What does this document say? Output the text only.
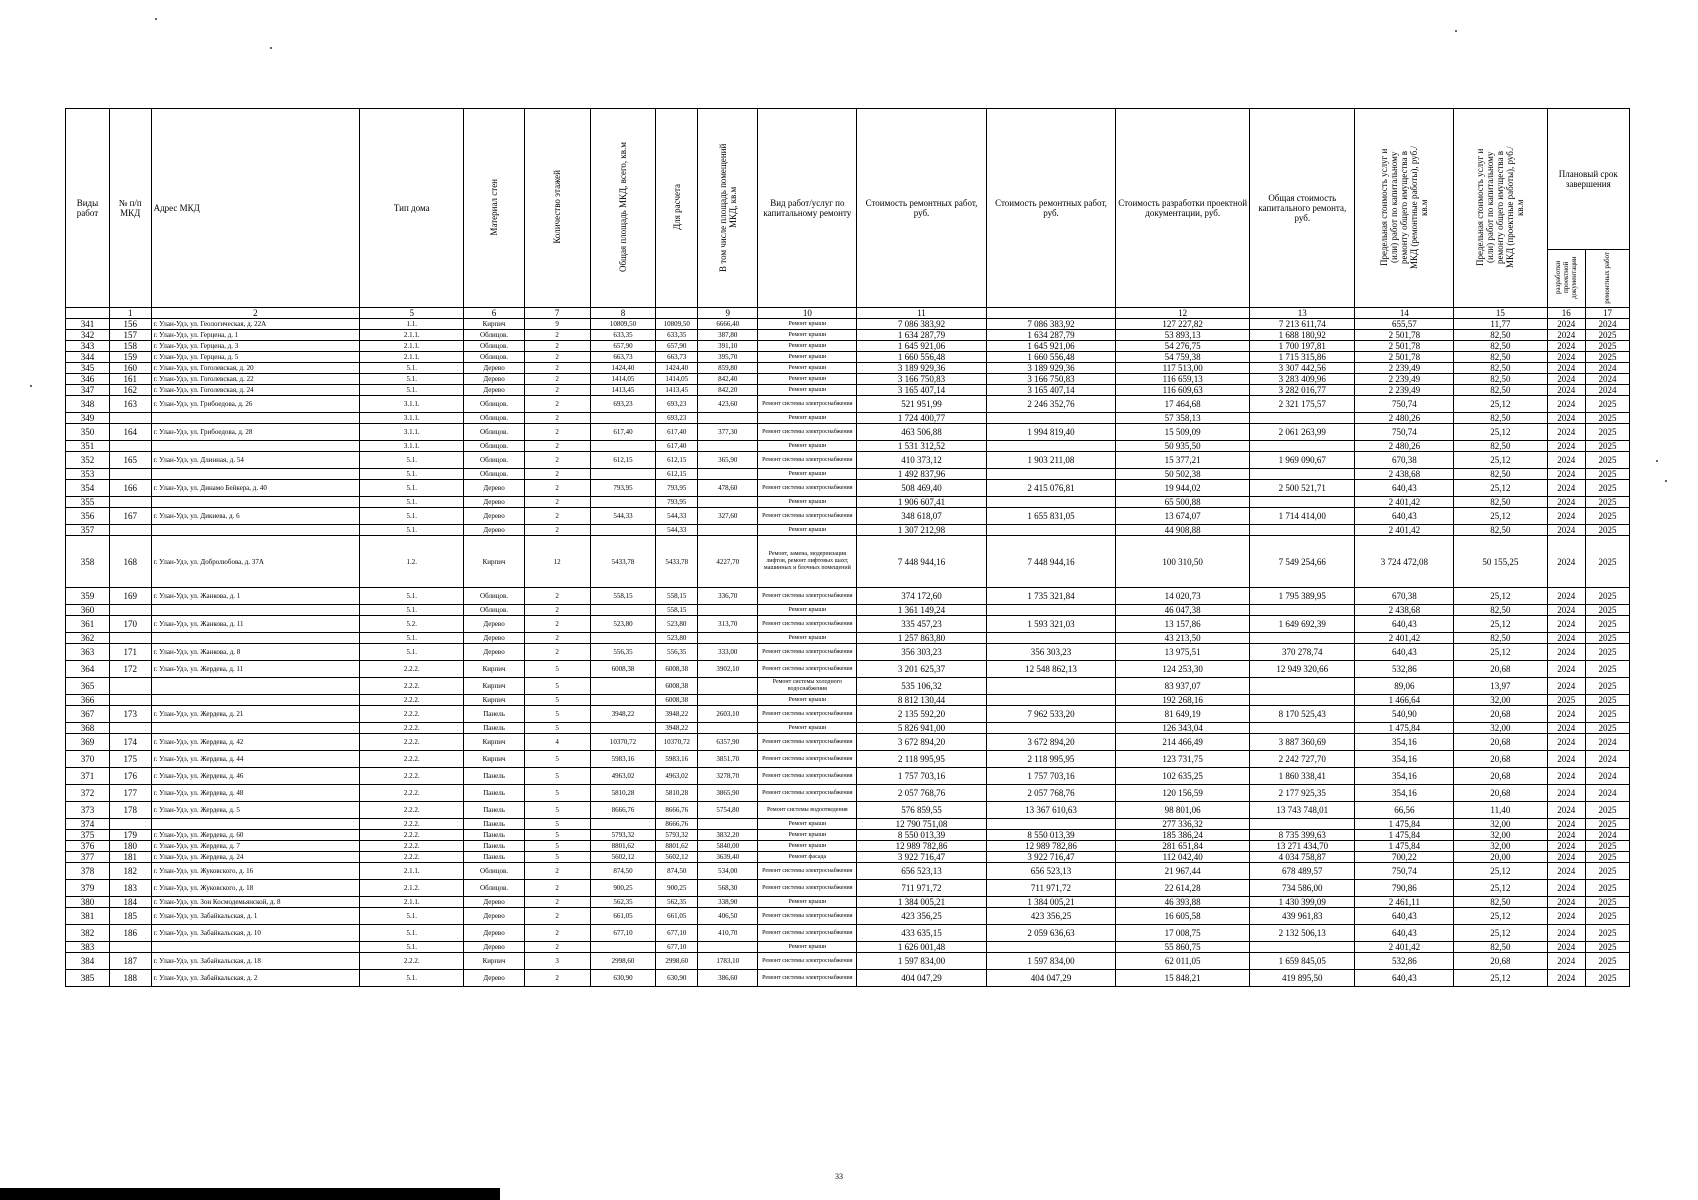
Виды работ	№ п/п МКД	Адрес МКД	Тип дома	Материал стен	Количество этажей	Общая площадь МКД, всего, кв.м	Для расчета	В том числе площадь помещений МКД, кв.м	Вид работ/услуг по капитальному ремонту	Стоимость ремонтных работ, руб.	Стоимость ремонтных работ, руб.	Стоимость разработки проектной документации, руб.	Общая стоимость капитального ремонта, руб.	Предельная стоимость услуг и (или) работ по капитальному ремонту общего имущества в МКД (ремонтные работы), руб./кв.м	Предельная стоимость услуг и (или) работ по капитальному ремонту общего имущества в МКД (проектные работы), руб./кв.м	Плановый срок завершения	
																разработки проектной документации	ремонтных работ
	1	2	5	6	7	8		9	10	11		12	13	14	15	16	17
341	156	г. Улан-Удэ, ул. Геологическая, д. 22А	1.1.	Кирпич	9	10809,50	10809,50	6666,40	Ремонт крыши	7 086 383,92	7 086 383,92	127 227,82	7 213 611,74	655,57	11,77	2024	2024
342	157	г. Улан-Удэ, ул. Герцена, д. 1	2.1.1.	Облицов.	2	633,35	633,35	387,80	Ремонт крыши	1 634 287,79	1 634 287,79	53 893,13	1 688 180,92	2 501,78	82,50	2024	2025
343	158	г. Улан-Удэ, ул. Герцена, д. 3	2.1.1.	Облицов.	2	657,90	657,90	391,10	Ремонт крыши	1 645 921,06	1 645 921,06	54 276,75	1 700 197,81	2 501,78	82,50	2024	2025
344	159	г. Улан-Удэ, ул. Герцена, д. 5	2.1.1.	Облицов.	2	663,73	663,73	395,70	Ремонт крыши	1 660 556,48	1 660 556,48	54 759,38	1 715 315,86	2 501,78	82,50	2024	2025
345	160	г. Улан-Удэ, ул. Гоголевская, д. 20	5.1.	Дерево	2	1424,40	1424,40	859,80	Ремонт крыши	3 189 929,36	3 189 929,36	117 513,00	3 307 442,56	2 239,49	82,50	2024	2024
346	161	г. Улан-Удэ, ул. Гоголевская, д. 22	5.1.	Дерево	2	1414,05	1414,05	842,40	Ремонт крыши	3 166 750,83	3 166 750,83	116 659,13	3 283 409,96	2 239,49	82,50	2024	2024
347	162	г. Улан-Удэ, ул. Гоголевская, д. 24	5.1.	Дерево	2	1413,45	1413,45	842,20	Ремонт крыши	3 165 407,14	3 165 407,14	116 609,63	3 282 016,77	2 239,49	82,50	2024	2024
348	163	г. Улан-Удэ, ул. Грибоедова, д. 26	3.1.1.	Облицов.	2	693,23	693,23	423,60	Ремонт системы электроснабжения	521 951,99	2 246 352,76	17 464,68	2 321 175,57	750,74	25,12	2024	2025
349			3.1.1.	Облицов.	2		693,23		Ремонт крыши	1 724 400,77		57 358,13		2 480,26	82,50	2024	2025
350	164	г. Улан-Удэ, ул. Грибоедова, д. 28	3.1.1.	Облицов.	2	617,40	617,40	377,30	Ремонт системы электроснабжения	463 506,88	1 994 819,40	15 509,09	2 061 263,99	750,74	25,12	2024	2025
351			3.1.1.	Облицов.	2		617,40		Ремонт крыши	1 531 312,52		50 935,50		2 480,26	82,50	2024	2025
352	165	г. Улан-Удэ, ул. Длинная, д. 54	5.1.	Облицов.	2	612,15	612,15	365,90	Ремонт системы электроснабжения	410 373,12	1 903 211,08	15 377,21	1 969 090,67	670,38	25,12	2024	2025
353			5.1.	Облицов.	2		612,15		Ремонт крыши	1 492 837,96		50 502,38		2 438,68	82,50	2024	2025
354	166	г. Улан-Удэ, ул. Динамо Бейкера, д. 40	5.1.	Дерево	2	793,95	793,95	478,60	Ремонт системы электроснабжения	508 469,40	2 415 076,81	19 944,02	2 500 521,71	640,43	25,12	2024	2025
355			5.1.	Дерево	2		793,95		Ремонт крыши	1 906 607,41		65 500,88		2 401,42	82,50	2024	2025
356	167	г. Улан-Удэ, ул. Дикиева, д. 6	5.1.	Дерево	2	544,33	544,33	327,60	Ремонт системы электроснабжения	348 618,07	1 655 831,05	13 674,07	1 714 414,00	640,43	25,12	2024	2025
357			5.1.	Дерево	2		544,33		Ремонт крыши	1 307 212,98		44 908,88		2 401,42	82,50	2024	2025
358	168	г. Улан-Удэ, ул. Добролюбова, д. 37А	1.2.	Кирпич	12	5433,78	5433,78	4227,70	Ремонт, замена, модернизация лифтов, ремонт лифтовых шахт, машинных и блочных помещений	7 448 944,16	7 448 944,16	100 310,50	7 549 254,66	3 724 472,08	50 155,25	2024	2025
359	169	г. Улан-Удэ, ул. Жанкова, д. 1	5.1.	Облицов.	2	558,15	558,15	336,70	Ремонт системы электроснабжения	374 172,60	1 735 321,84	14 020,73	1 795 389,95	670,38	25,12	2024	2025
360			5.1.	Облицов.	2		558,15		Ремонт крыши	1 361 149,24		46 047,38		2 438,68	82,50	2024	2025
361	170	г. Улан-Удэ, ул. Жанкова, д. 11	5.2.	Дерево	2	523,80	523,80	313,70	Ремонт системы электроснабжения	335 457,23	1 593 321,03	13 157,86	1 649 692,39	640,43	25,12	2024	2025
362			5.1.	Дерево	2		523,80		Ремонт крыши	1 257 863,80		43 213,50		2 401,42	82,50	2024	2025
363	171	г. Улан-Удэ, ул. Жанкова, д. 8	5.1.	Дерево	2	556,35	556,35	333,00	Ремонт системы электроснабжения	356 303,23	356 303,23	13 975,51	370 278,74	640,43	25,12	2024	2025
364	172	г. Улан-Удэ, ул. Жердева, д. 11	2.2.2.	Кирпич	5	6008,38	6008,38	3902,10	Ремонт системы электроснабжения	3 201 625,37	12 548 862,13	124 253,30	12 949 320,66	532,86	20,68	2024	2025
365			2.2.2.	Кирпич	5		6008,38		Ремонт системы холодного водоснабжения	535 106,32		83 937,07		89,06	13,97	2024	2025
366			2.2.2.	Кирпич	5		6008,38		Ремонт крыши	8 812 130,44		192 268,16		1 466,64	32,00	2025	2025
367	173	г. Улан-Удэ, ул. Жердева, д. 21	2.2.2.	Панель	5	3948,22	3948,22	2603,10	Ремонт системы электроснабжения	2 135 592,20	7 962 533,20	81 649,19	8 170 525,43	540,90	20,68	2024	2025
368			2.2.2.	Панель	5		3948,22		Ремонт крыши	5 826 941,00		126 343,04		1 475,84	32,00	2024	2025
369	174	г. Улан-Удэ, ул. Жердева, д. 42	2.2.2.	Кирпич	4	10370,72	10370,72	6357,90	Ремонт системы электроснабжения	3 672 894,20	3 672 894,20	214 466,49	3 887 360,69	354,16	20,68	2024	2024
370	175	г. Улан-Удэ, ул. Жердева, д. 44	2.2.2.	Кирпич	5	5983,16	5983,16	3851,70	Ремонт системы электроснабжения	2 118 995,95	2 118 995,95	123 731,75	2 242 727,70	354,16	20,68	2024	2024
371	176	г. Улан-Удэ, ул. Жердева, д. 46	2.2.2.	Панель	5	4963,02	4963,02	3278,70	Ремонт системы электроснабжения	1 757 703,16	1 757 703,16	102 635,25	1 860 338,41	354,16	20,68	2024	2024
372	177	г. Улан-Удэ, ул. Жердева, д. 48	2.2.2.	Панель	5	5810,28	5810,28	3865,90	Ремонт системы электроснабжения	2 057 768,76	2 057 768,76	120 156,59	2 177 925,35	354,16	20,68	2024	2024
373	178	г. Улан-Удэ, ул. Жердева, д. 5	2.2.2.	Панель	5	8666,76	8666,76	5754,80	Ремонт системы водоотведения	576 859,55	13 367 610,63	98 801,06	13 743 748,01	66,56	11,40	2024	2025
374			2.2.2.	Панель	5		8666,76		Ремонт крыши	12 790 751,08		277 336,32		1 475,84	32,00	2024	2025
375	179	г. Улан-Удэ, ул. Жердева, д. 60	2.2.2.	Панель	5	5793,32	5793,32	3832,20	Ремонт крыши	8 550 013,39	8 550 013,39	185 386,24	8 735 399,63	1 475,84	32,00	2024	2024
376	180	г. Улан-Удэ, ул. Жердева, д. 7	2.2.2.	Панель	5	8801,62	8801,62	5840,00	Ремонт крыши	12 989 782,86	12 989 782,86	281 651,84	13 271 434,70	1 475,84	32,00	2024	2025
377	181	г. Улан-Удэ, ул. Жердева, д. 24	2.2.2.	Панель	5	5602,12	5602,12	3639,40	Ремонт фасада	3 922 716,47	3 922 716,47	112 042,40	4 034 758,87	700,22	20,00	2024	2025
378	182	г. Улан-Удэ, ул. Жуковского, д. 16	2.1.1.	Облицов.	2	874,50	874,50	534,00	Ремонт системы электроснабжения	656 523,13	656 523,13	21 967,44	678 489,57	750,74	25,12	2024	2025
379	183	г. Улан-Удэ, ул. Жуковского, д. 18	2.1.2.	Облицов.	2	900,25	900,25	568,30	Ремонт системы электроснабжения	711 971,72	711 971,72	22 614,28	734 586,00	790,86	25,12	2024	2025
380	184	г. Улан-Удэ, ул. Зои Космодемьянской, д. 8	2.1.1.	Дерево	2	562,35	562,35	338,90	Ремонт крыши	1 384 005,21	1 384 005,21	46 393,88	1 430 399,09	2 461,11	82,50	2024	2025
381	185	г. Улан-Удэ, ул. Забайкальская, д. 1	5.1.	Дерево	2	661,05	661,05	406,50	Ремонт системы электроснабжения	423 356,25	423 356,25	16 605,58	439 961,83	640,43	25,12	2024	2025
382	186	г. Улан-Удэ, ул. Забайкальская, д. 10	5.1.	Дерево	2	677,10	677,10	410,70	Ремонт системы электроснабжения	433 635,15	2 059 636,63	17 008,75	2 132 506,13	640,43	25,12	2024	2025
383			5.1.	Дерево	2		677,10		Ремонт крыши	1 626 001,48		55 860,75		2 401,42	82,50	2024	2025
384	187	г. Улан-Удэ, ул. Забайкальская, д. 18	2.2.2.	Кирпич	3	2998,60	2998,60	1783,10	Ремонт системы электроснабжения	1 597 834,00	1 597 834,00	62 011,05	1 659 845,05	532,86	20,68	2024	2025
385	188	г. Улан-Удэ, ул. Забайкальская, д. 2	5.1.	Дерево	2	630,90	630,90	386,60	Ремонт системы электроснабжения	404 047,29	404 047,29	15 848,21	419 895,50	640,43	25,12	2024	2025
33
